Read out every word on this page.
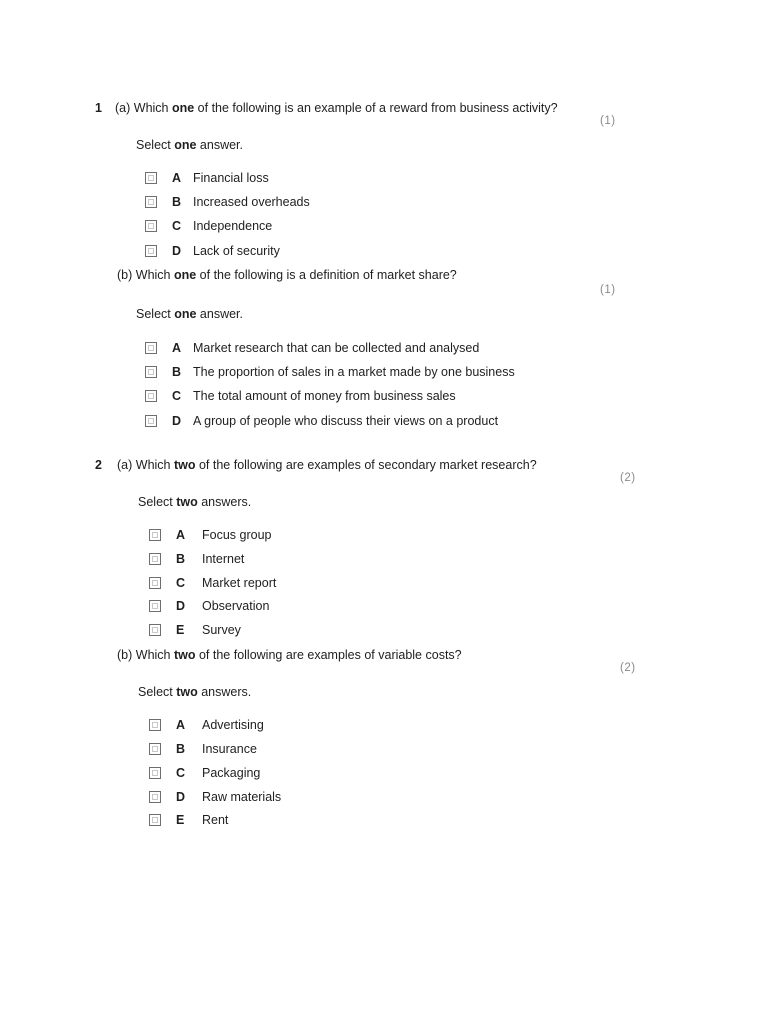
1 (a) Which one of the following is an example of a reward from business activity?
(1)
Select one answer.
A Financial loss
B Increased overheads
C Independence
D Lack of security
(b) Which one of the following is a definition of market share?
(1)
Select one answer.
A Market research that can be collected and analysed
B The proportion of sales in a market made by one business
C The total amount of money from business sales
D A group of people who discuss their views on a product
2 (a) Which two of the following are examples of secondary market research?
(2)
Select two answers.
A Focus group
B Internet
C Market report
D Observation
E Survey
(b) Which two of the following are examples of variable costs?
(2)
Select two answers.
A Advertising
B Insurance
C Packaging
D Raw materials
E Rent
